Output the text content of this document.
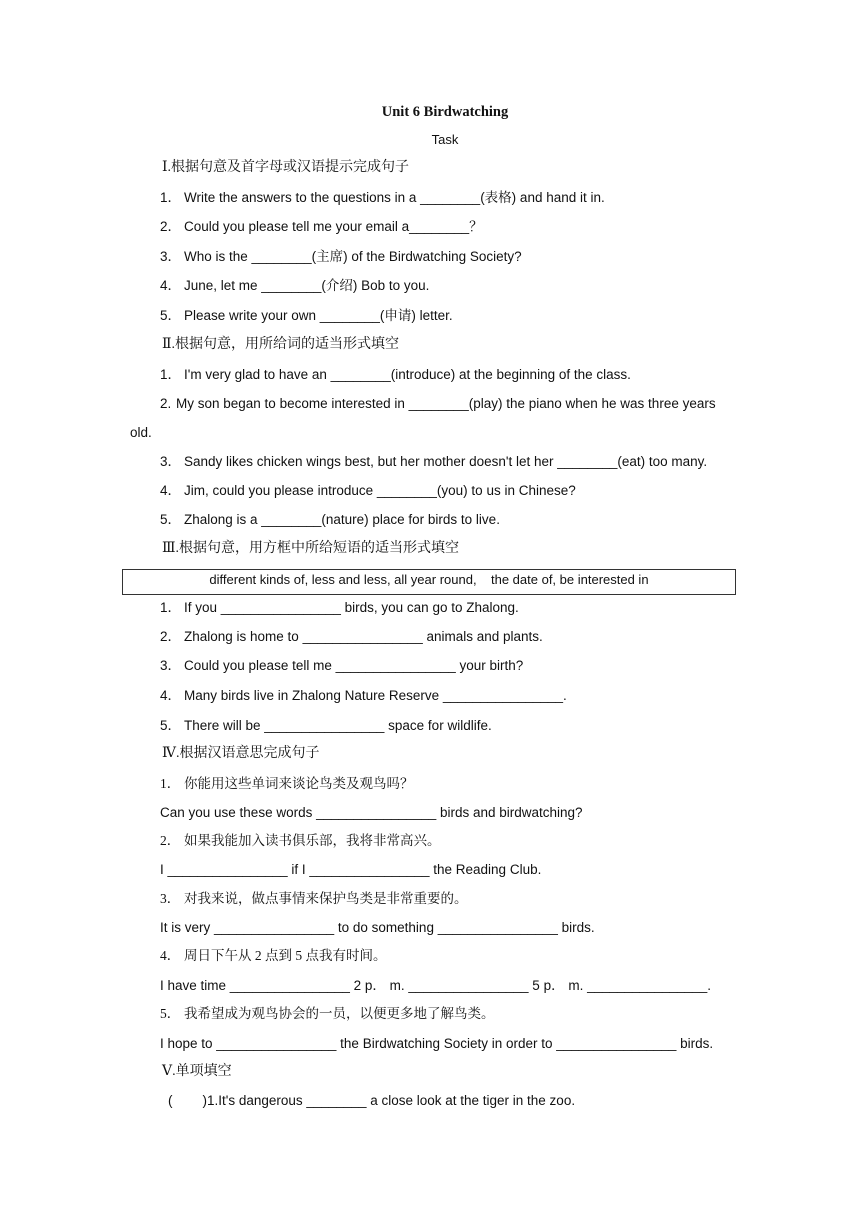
Unit 6 Birdwatching
Task
Ⅰ.根据句意及首字母或汉语提示完成句子
1． Write the answers to the questions in a ________(表格) and hand it in.
2． Could you please tell me your email a________？
3． Who is the ________(主席) of the Birdwatching Society?
4． June, let me ________(介绍) Bob to you.
5． Please write your own ________(申请) letter.
Ⅱ.根据句意，用所给词的适当形式填空
1． I'm very glad to have an ________(introduce) at the beginning of the class.
2. My son began to become interested in ________(play) the piano when he was three years
old.
3． Sandy likes chicken wings best, but her mother doesn't let her ________(eat) too many.
4． Jim, could you please introduce ________(you) to us in Chinese?
5． Zhalong is a ________(nature) place for birds to live.
Ⅲ.根据句意，用方框中所给短语的适当形式填空
different kinds of, less and less, all year round,    the date of, be interested in
1． If you ________________ birds, you can go to Zhalong.
2． Zhalong is home to ________________ animals and plants.
3． Could you please tell me ________________ your birth?
4． Many birds live in Zhalong Nature Reserve ________________.
5． There will be ________________ space for wildlife.
Ⅳ.根据汉语意思完成句子
1． 你能用这些单词来谈论鸟类及观鸟吗？
Can you use these words ________________ birds and birdwatching?
2． 如果我能加入读书俱乐部，我将非常高兴。
I ________________ if I ________________ the Reading Club.
3． 对我来说，做点事情来保护鸟类是非常重要的。
It is very ________________ to do something ________________ birds.
4． 周日下午从 2 点到 5 点我有时间。
I have time ________________ 2 p． m. ________________ 5 p． m. ________________.
5． 我希望成为观鸟协会的一员，以便更多地了解鸟类。
I hope to ________________ the Birdwatching Society in order to ________________ birds.
Ⅴ.单项填空
(        )1.It's dangerous ________ a close look at the tiger in the zoo.
